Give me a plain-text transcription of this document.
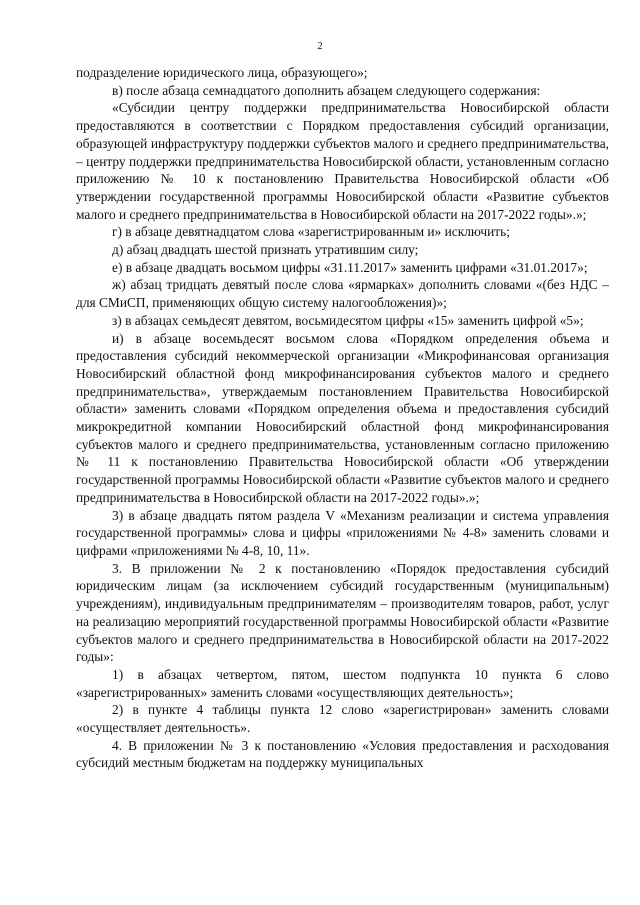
2

подразделение юридического лица, образующего»;

в) после абзаца семнадцатого дополнить абзацем следующего содержания:

«Субсидии центру поддержки предпринимательства Новосибирской области предоставляются в соответствии с Порядком предоставления субсидий организации, образующей инфраструктуру поддержки субъектов малого и среднего предпринимательства, – центру поддержки предпринимательства Новосибирской области, установленным согласно приложению № 10 к постановлению Правительства Новосибирской области «Об утверждении государственной программы Новосибирской области «Развитие субъектов малого и среднего предпринимательства в Новосибирской области на 2017-2022 годы».»;

г) в абзаце девятнадцатом слова «зарегистрированным и» исключить;

д) абзац двадцать шестой признать утратившим силу;

е) в абзаце двадцать восьмом цифры «31.11.2017» заменить цифрами «31.01.2017»;

ж) абзац тридцать девятый после слова «ярмарках» дополнить словами «(без НДС – для СМиСП, применяющих общую систему налогообложения)»;

з) в абзацах семьдесят девятом, восьмидесятом цифры «15» заменить цифрой «5»;

и) в абзаце восемьдесят восьмом слова «Порядком определения объема и предоставления субсидий некоммерческой организации «Микрофинансовая организация Новосибирский областной фонд микрофинансирования субъектов малого и среднего предпринимательства», утверждаемым постановлением Правительства Новосибирской области» заменить словами «Порядком определения объема и предоставления субсидий микрокредитной компании Новосибирский областной фонд микрофинансирования субъектов малого и среднего предпринимательства, установленным согласно приложению № 11 к постановлению Правительства Новосибирской области «Об утверждении государственной программы Новосибирской области «Развитие субъектов малого и среднего предпринимательства в Новосибирской области на 2017-2022 годы».»;

3) в абзаце двадцать пятом раздела V «Механизм реализации и система управления государственной программы» слова и цифры «приложениями № 4-8» заменить словами и цифрами «приложениями № 4-8, 10, 11».

3. В приложении № 2 к постановлению «Порядок предоставления субсидий юридическим лицам (за исключением субсидий государственным (муниципальным) учреждениям), индивидуальным предпринимателям – производителям товаров, работ, услуг на реализацию мероприятий государственной программы Новосибирской области «Развитие субъектов малого и среднего предпринимательства в Новосибирской области на 2017-2022 годы»:

1) в абзацах четвертом, пятом, шестом подпункта 10 пункта 6 слово «зарегистрированных» заменить словами «осуществляющих деятельность»;

2) в пункте 4 таблицы пункта 12 слово «зарегистрирован» заменить словами «осуществляет деятельность».

4. В приложении № 3 к постановлению «Условия предоставления и расходования субсидий местным бюджетам на поддержку муниципальных
